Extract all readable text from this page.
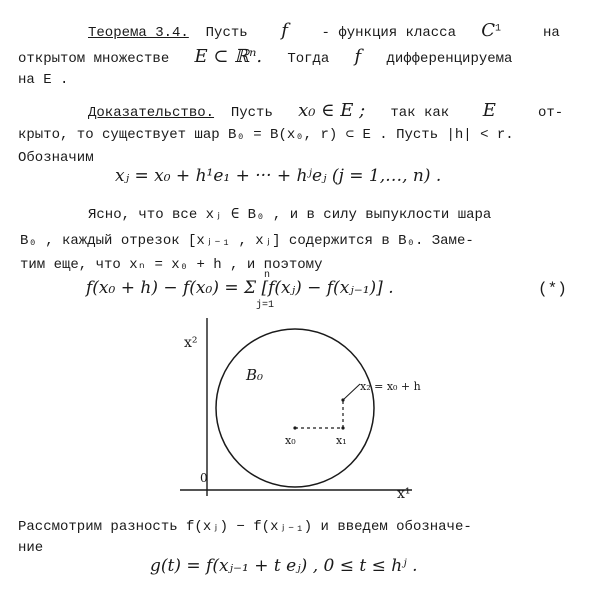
Теорема 3.4. Пусть f - функция класса $C^1$	на
открытом множестве E ⊂ ℝⁿ. Тогда f дифференцируема
на E .
Доказательство. Пусть x₀ ∈ E ; так как E	от-
крыто, то существует шар B₀ = B(x₀, r) ⊂ E . Пусть |h| < r.
Обозначим
xⱼ = x₀ + h¹e₁ + ··· + hʲeⱼ (j = 1,…, n) .
Ясно, что все xⱼ ∈ B₀ , и в силу выпуклости шара
B₀ , каждый отрезок [xⱼ₋₁ , xⱼ] содержится в B₀. Заме-
тим еще, что xₙ = x₀ + h , и поэтому
f(x₀ + h) − f(x₀) = Σ [f(xⱼ) − f(xⱼ₋₁)] .
n
j=1
(*)
x²
x¹
0
B₀
x₀	x₁
x₂ = x₀ + h
Рассмотрим разность f(xⱼ) − f(xⱼ₋₁) и введем обозначе-
ние
g(t) = f(xⱼ₋₁ + t eⱼ) , 0 ≤ t ≤ hʲ .
